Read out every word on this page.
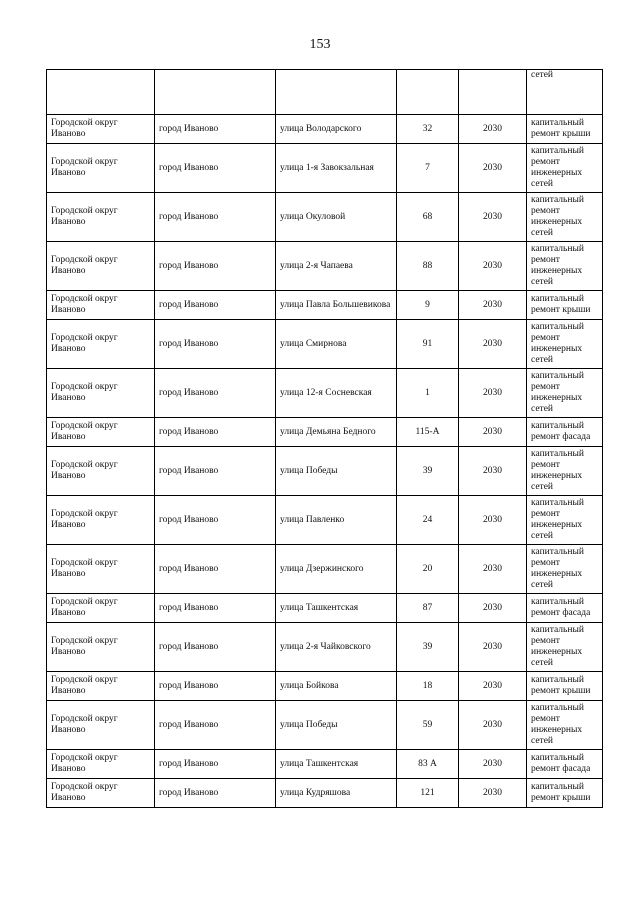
153
					сетей
Городской округ Иваново	город Иваново	улица Володарского	32	2030	капитальный ремонт крыши
Городской округ Иваново	город Иваново	улица 1-я Завокзальная	7	2030	капитальный ремонт инженерных сетей
Городской округ Иваново	город Иваново	улица Окуловой	68	2030	капитальный ремонт инженерных сетей
Городской округ Иваново	город Иваново	улица 2-я Чапаева	88	2030	капитальный ремонт инженерных сетей
Городской округ Иваново	город Иваново	улица Павла Большевикова	9	2030	капитальный ремонт крыши
Городской округ Иваново	город Иваново	улица Смирнова	91	2030	капитальный ремонт инженерных сетей
Городской округ Иваново	город Иваново	улица 12-я Сосневская	1	2030	капитальный ремонт инженерных сетей
Городской округ Иваново	город Иваново	улица Демьяна Бедного	115-А	2030	капитальный ремонт фасада
Городской округ Иваново	город Иваново	улица Победы	39	2030	капитальный ремонт инженерных сетей
Городской округ Иваново	город Иваново	улица Павленко	24	2030	капитальный ремонт инженерных сетей
Городской округ Иваново	город Иваново	улица Дзержинского	20	2030	капитальный ремонт инженерных сетей
Городской округ Иваново	город Иваново	улица Ташкентская	87	2030	капитальный ремонт фасада
Городской округ Иваново	город Иваново	улица 2-я Чайковского	39	2030	капитальный ремонт инженерных сетей
Городской округ Иваново	город Иваново	улица Бойкова	18	2030	капитальный ремонт крыши
Городской округ Иваново	город Иваново	улица Победы	59	2030	капитальный ремонт инженерных сетей
Городской округ Иваново	город Иваново	улица Ташкентская	83 А	2030	капитальный ремонт фасада
Городской округ Иваново	город Иваново	улица Кудряшова	121	2030	капитальный ремонт крыши
